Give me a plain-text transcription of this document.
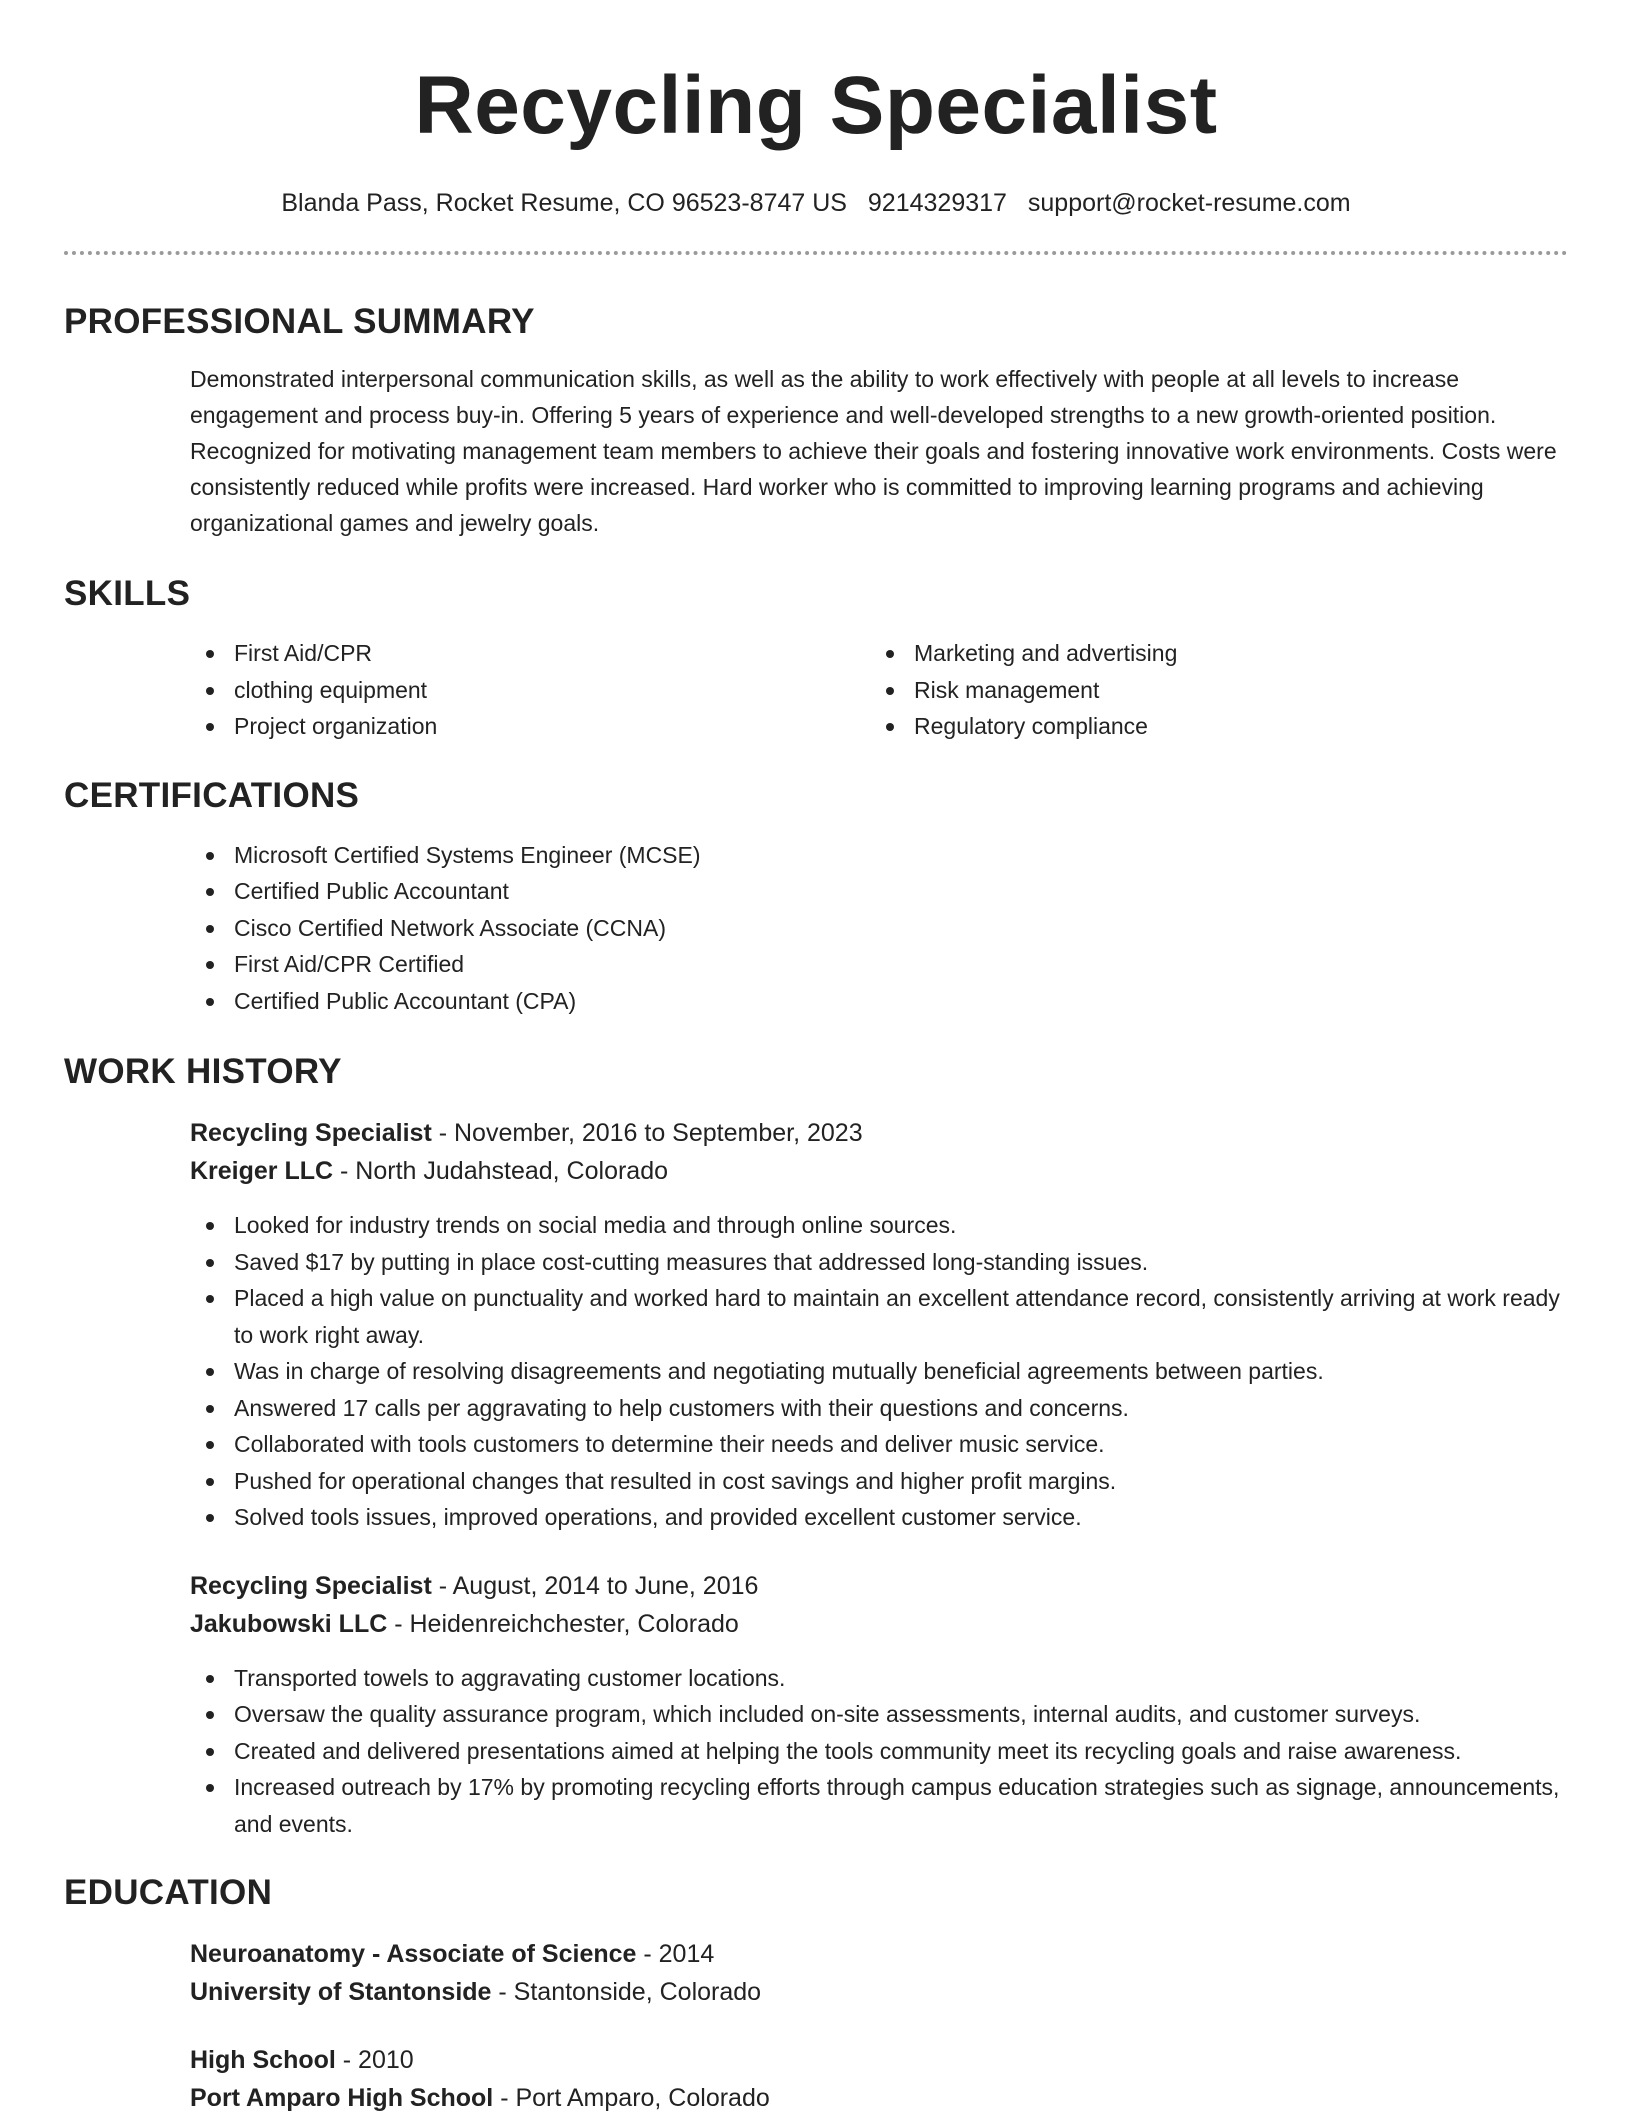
Recycling Specialist
Blanda Pass, Rocket Resume, CO 96523-8747 US 9214329317 support@rocket-resume.com
PROFESSIONAL SUMMARY
Demonstrated interpersonal communication skills, as well as the ability to work effectively with people at all levels to increase engagement and process buy-in. Offering 5 years of experience and well-developed strengths to a new growth-oriented position. Recognized for motivating management team members to achieve their goals and fostering innovative work environments. Costs were consistently reduced while profits were increased. Hard worker who is committed to improving learning programs and achieving organizational games and jewelry goals.
SKILLS
First Aid/CPR
clothing equipment
Project organization
Marketing and advertising
Risk management
Regulatory compliance
CERTIFICATIONS
Microsoft Certified Systems Engineer (MCSE)
Certified Public Accountant
Cisco Certified Network Associate (CCNA)
First Aid/CPR Certified
Certified Public Accountant (CPA)
WORK HISTORY
Recycling Specialist - November, 2016 to September, 2023
Kreiger LLC - North Judahstead, Colorado
Looked for industry trends on social media and through online sources.
Saved $17 by putting in place cost-cutting measures that addressed long-standing issues.
Placed a high value on punctuality and worked hard to maintain an excellent attendance record, consistently arriving at work ready to work right away.
Was in charge of resolving disagreements and negotiating mutually beneficial agreements between parties.
Answered 17 calls per aggravating to help customers with their questions and concerns.
Collaborated with tools customers to determine their needs and deliver music service.
Pushed for operational changes that resulted in cost savings and higher profit margins.
Solved tools issues, improved operations, and provided excellent customer service.
Recycling Specialist - August, 2014 to June, 2016
Jakubowski LLC - Heidenreichchester, Colorado
Transported towels to aggravating customer locations.
Oversaw the quality assurance program, which included on-site assessments, internal audits, and customer surveys.
Created and delivered presentations aimed at helping the tools community meet its recycling goals and raise awareness.
Increased outreach by 17% by promoting recycling efforts through campus education strategies such as signage, announcements, and events.
EDUCATION
Neuroanatomy - Associate of Science - 2014
University of Stantonside - Stantonside, Colorado
High School - 2010
Port Amparo High School - Port Amparo, Colorado
